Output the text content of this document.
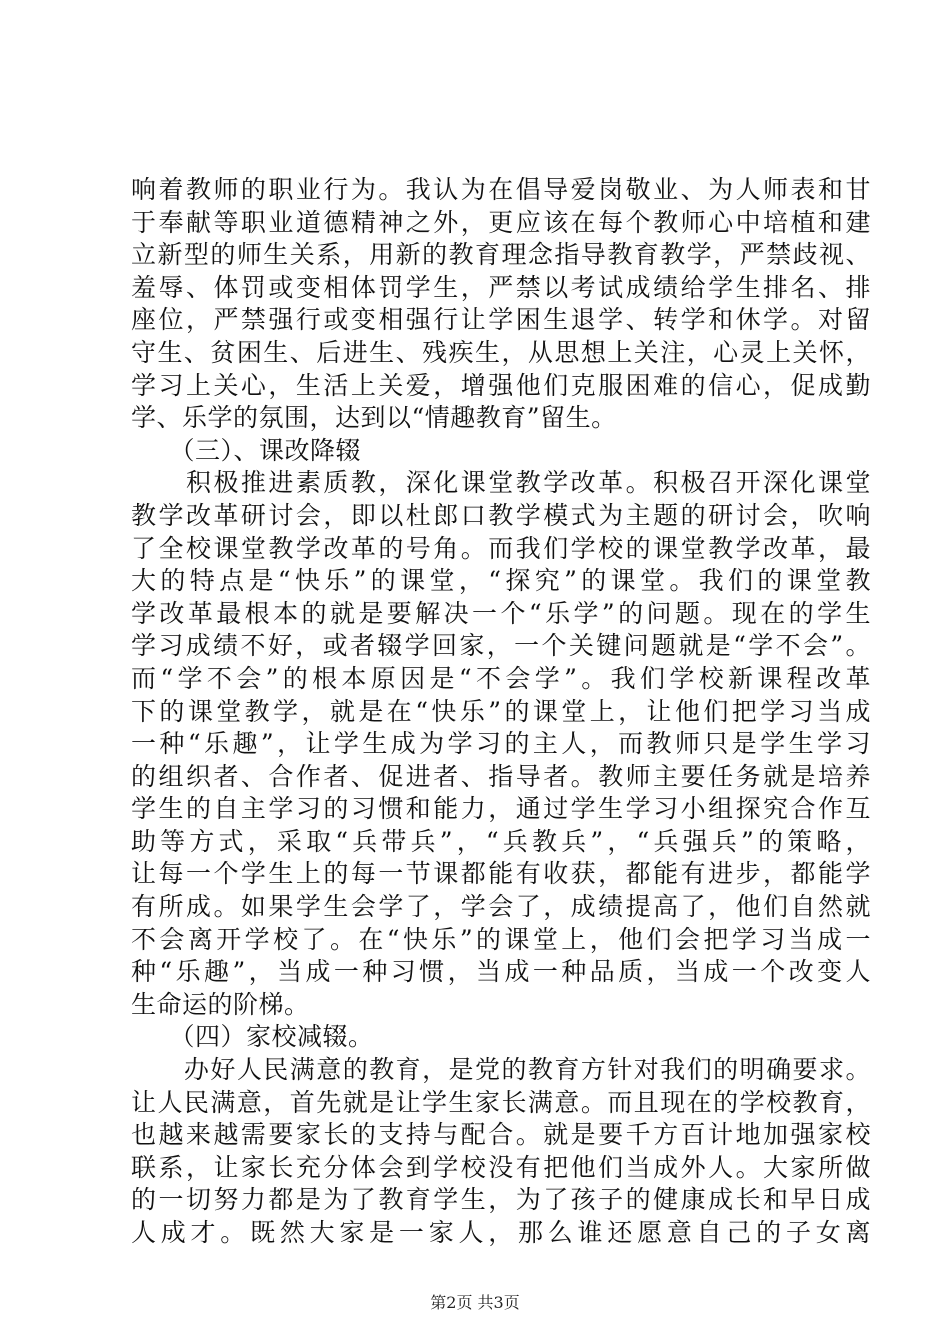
响着教师的职业行为。我认为在倡导爱岗敬业、为人师表和甘
于奉献等职业道德精神之外，更应该在每个教师心中培植和建
立新型的师生关系，用新的教育理念指导教育教学，严禁歧视、
羞辱、体罚或变相体罚学生，严禁以考试成绩给学生排名、排
座位，严禁强行或变相强行让学困生退学、转学和休学。对留
守生、贫困生、后进生、残疾生，从思想上关注，心灵上关怀，
学习上关心，生活上关爱，增强他们克服困难的信心，促成勤
学、乐学的氛围，达到以“情趣教育”留生。
　　（三）、课改降辍
　　积极推进素质教，深化课堂教学改革。积极召开深化课堂
教学改革研讨会，即以杜郎口教学模式为主题的研讨会，吹响
了全校课堂教学改革的号角。而我们学校的课堂教学改革，最
大的特点是“快乐”的课堂，“探究”的课堂。我们的课堂教
学改革最根本的就是要解决一个“乐学”的问题。现在的学生
学习成绩不好，或者辍学回家，一个关键问题就是“学不会”。
而“学不会”的根本原因是“不会学”。我们学校新课程改革
下的课堂教学，就是在“快乐”的课堂上，让他们把学习当成
一种“乐趣”，让学生成为学习的主人，而教师只是学生学习
的组织者、合作者、促进者、指导者。教师主要任务就是培养
学生的自主学习的习惯和能力，通过学生学习小组探究合作互
助等方式，采取“兵带兵”，“兵教兵”，“兵强兵”的策略，
让每一个学生上的每一节课都能有收获，都能有进步，都能学
有所成。如果学生会学了，学会了，成绩提高了，他们自然就
不会离开学校了。在“快乐”的课堂上，他们会把学习当成一
种“乐趣”，当成一种习惯，当成一种品质，当成一个改变人
生命运的阶梯。
　　（四）家校减辍。
　　办好人民满意的教育，是党的教育方针对我们的明确要求。
让人民满意，首先就是让学生家长满意。而且现在的学校教育，
也越来越需要家长的支持与配合。就是要千方百计地加强家校
联系，让家长充分体会到学校没有把他们当成外人。大家所做
的一切努力都是为了教育学生，为了孩子的健康成长和早日成
人成才。既然大家是一家人，那么谁还愿意自己的子女离
第2页 共3页
